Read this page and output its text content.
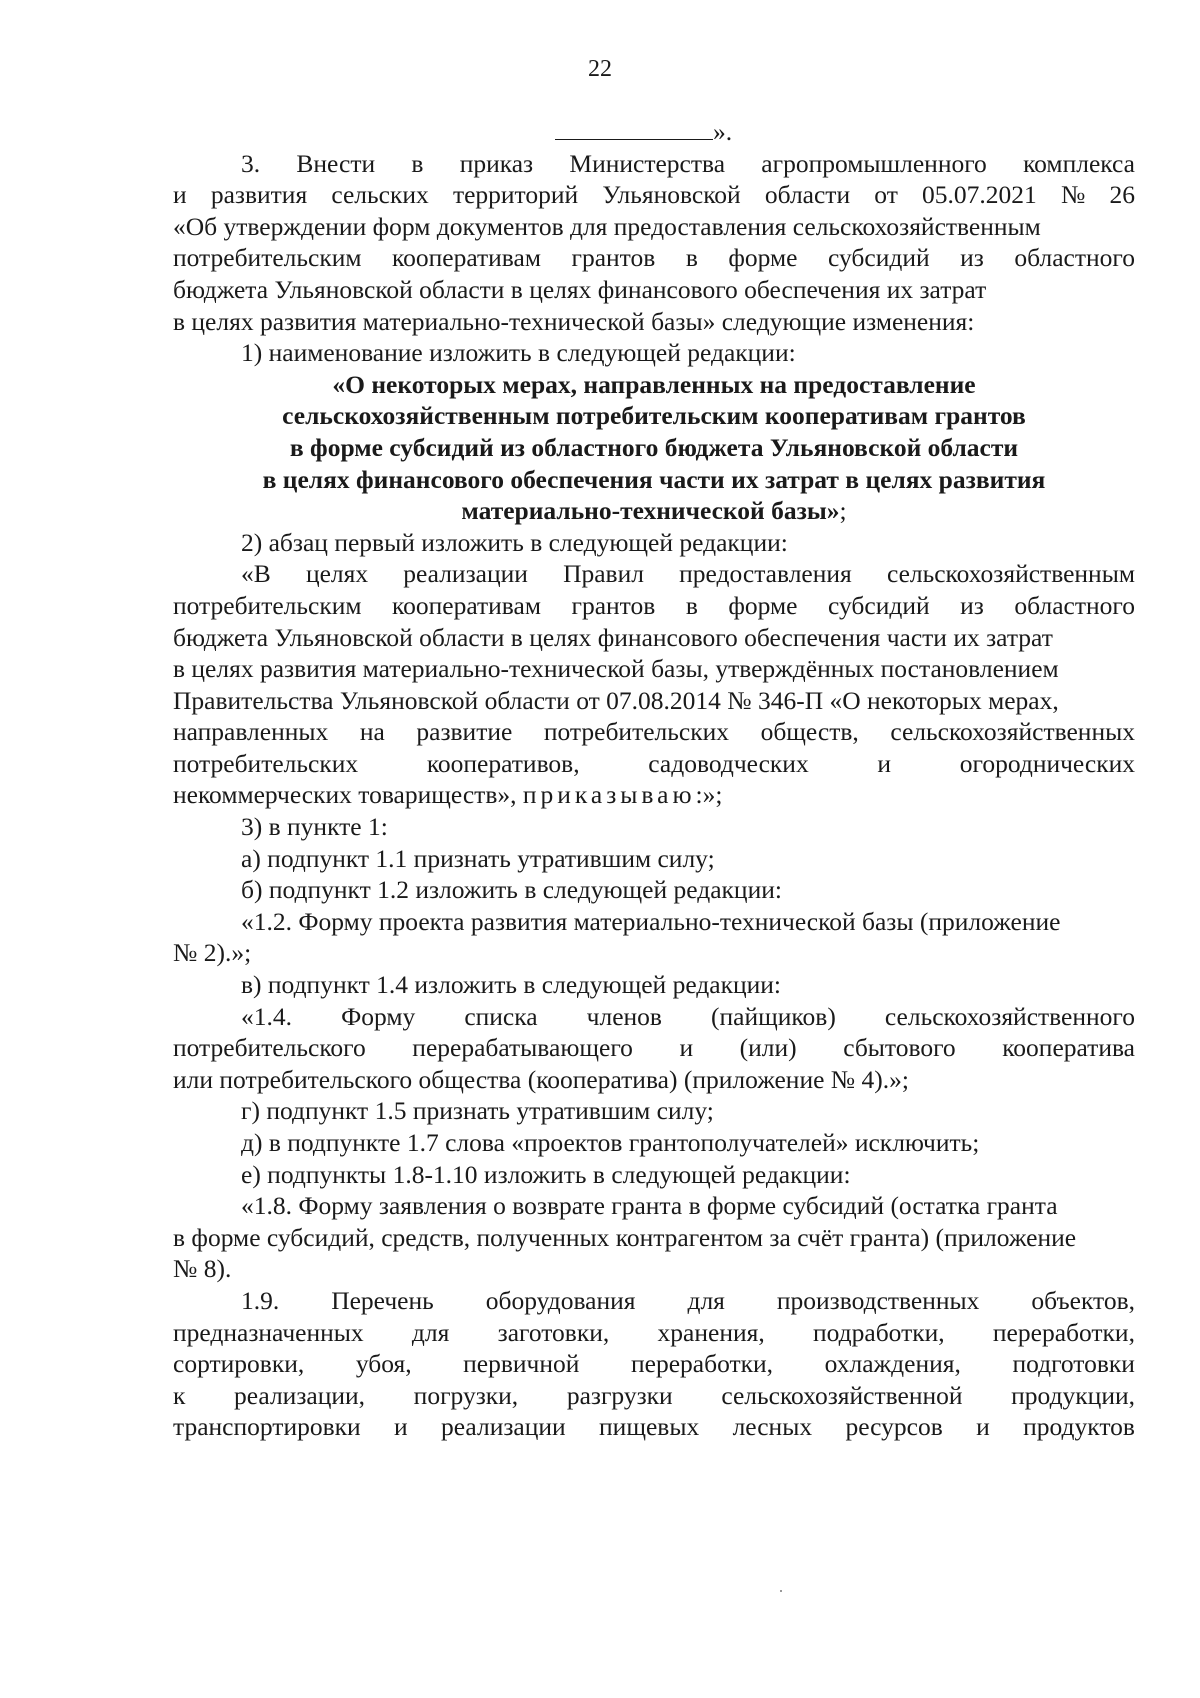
22
».
3. Внести в приказ Министерства агропромышленного комплекса
и развития сельских территорий Ульяновской области от 05.07.2021 № 26
«Об утверждении форм документов для предоставления сельскохозяйственным
потребительским кооперативам грантов в форме субсидий из областного
бюджета Ульяновской области в целях финансового обеспечения их затрат
в целях развития материально-технической базы» следующие изменения:
1) наименование изложить в следующей редакции:
«О некоторых мерах, направленных на предоставление
сельскохозяйственным потребительским кооперативам грантов
в форме субсидий из областного бюджета Ульяновской области
в целях финансового обеспечения части их затрат в целях развития
материально-технической базы»;
2) абзац первый изложить в следующей редакции:
«В целях реализации Правил предоставления сельскохозяйственным
потребительским кооперативам грантов в форме субсидий из областного
бюджета Ульяновской области в целях финансового обеспечения части их затрат
в целях развития материально-технической базы, утверждённых постановлением
Правительства Ульяновской области от 07.08.2014 № 346-П «О некоторых мерах,
направленных на развитие потребительских обществ, сельскохозяйственных
потребительских	кооперативов,	садоводческих	и	огороднических
некоммерческих товариществ», приказываю:»;
3) в пункте 1:
а) подпункт 1.1 признать утратившим силу;
б) подпункт 1.2 изложить в следующей редакции:
«1.2. Форму проекта развития материально-технической базы (приложение
№ 2).»;
в) подпункт 1.4 изложить в следующей редакции:
«1.4. Форму списка членов (пайщиков) сельскохозяйственного
потребительского перерабатывающего и (или) сбытового кооператива
или потребительского общества (кооператива) (приложение № 4).»;
г) подпункт 1.5 признать утратившим силу;
д) в подпункте 1.7 слова «проектов грантополучателей» исключить;
е) подпункты 1.8-1.10 изложить в следующей редакции:
«1.8. Форму заявления о возврате гранта в форме субсидий (остатка гранта
в форме субсидий, средств, полученных контрагентом за счёт гранта) (приложение
№ 8).
1.9. Перечень оборудования для производственных объектов,
предназначенных для заготовки, хранения, подработки, переработки,
сортировки, убоя, первичной переработки, охлаждения, подготовки
к реализации, погрузки, разгрузки сельскохозяйственной продукции,
транспортировки и реализации пищевых лесных ресурсов и продуктов
